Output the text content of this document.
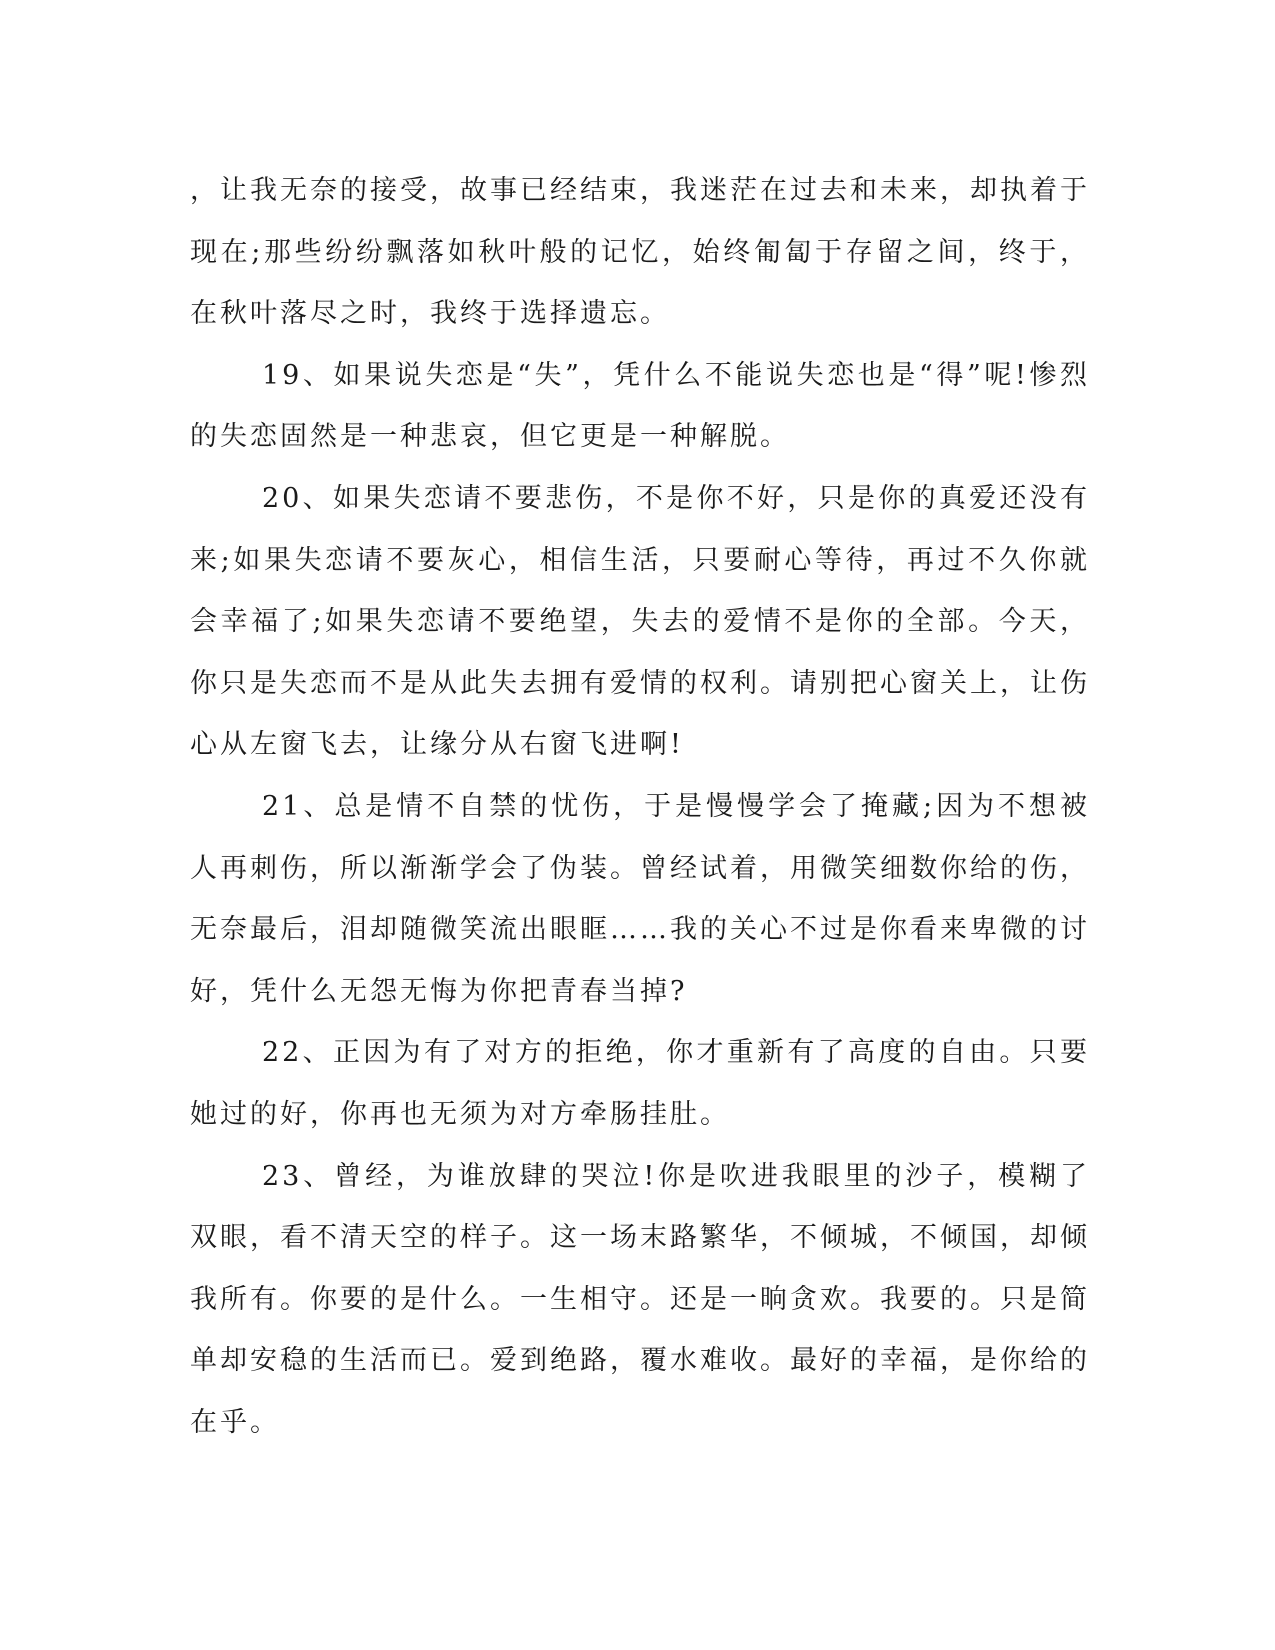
，让我无奈的接受，故事已经结束，我迷茫在过去和未来，却执着于现在;那些纷纷飘落如秋叶般的记忆，始终匍匐于存留之间，终于，在秋叶落尽之时，我终于选择遗忘。

19、如果说失恋是“失”，凭什么不能说失恋也是“得”呢!惨烈的失恋固然是一种悲哀，但它更是一种解脱。

20、如果失恋请不要悲伤，不是你不好，只是你的真爱还没有来;如果失恋请不要灰心，相信生活，只要耐心等待，再过不久你就会幸福了;如果失恋请不要绝望，失去的爱情不是你的全部。今天，你只是失恋而不是从此失去拥有爱情的权利。请别把心窗关上，让伤心从左窗飞去，让缘分从右窗飞进啊!

21、总是情不自禁的忧伤，于是慢慢学会了掩藏;因为不想被人再刺伤，所以渐渐学会了伪装。曾经试着，用微笑细数你给的伤，无奈最后，泪却随微笑流出眼眶……我的关心不过是你看来卑微的讨好，凭什么无怨无悔为你把青春当掉?

22、正因为有了对方的拒绝，你才重新有了高度的自由。只要她过的好，你再也无须为对方牵肠挂肚。

23、曾经，为谁放肆的哭泣!你是吹进我眼里的沙子，模糊了双眼，看不清天空的样子。这一场末路繁华，不倾城，不倾国，却倾我所有。你要的是什么。一生相守。还是一晌贪欢。我要的。只是简单却安稳的生活而已。爱到绝路，覆水难收。最好的幸福，是你给的在乎。
